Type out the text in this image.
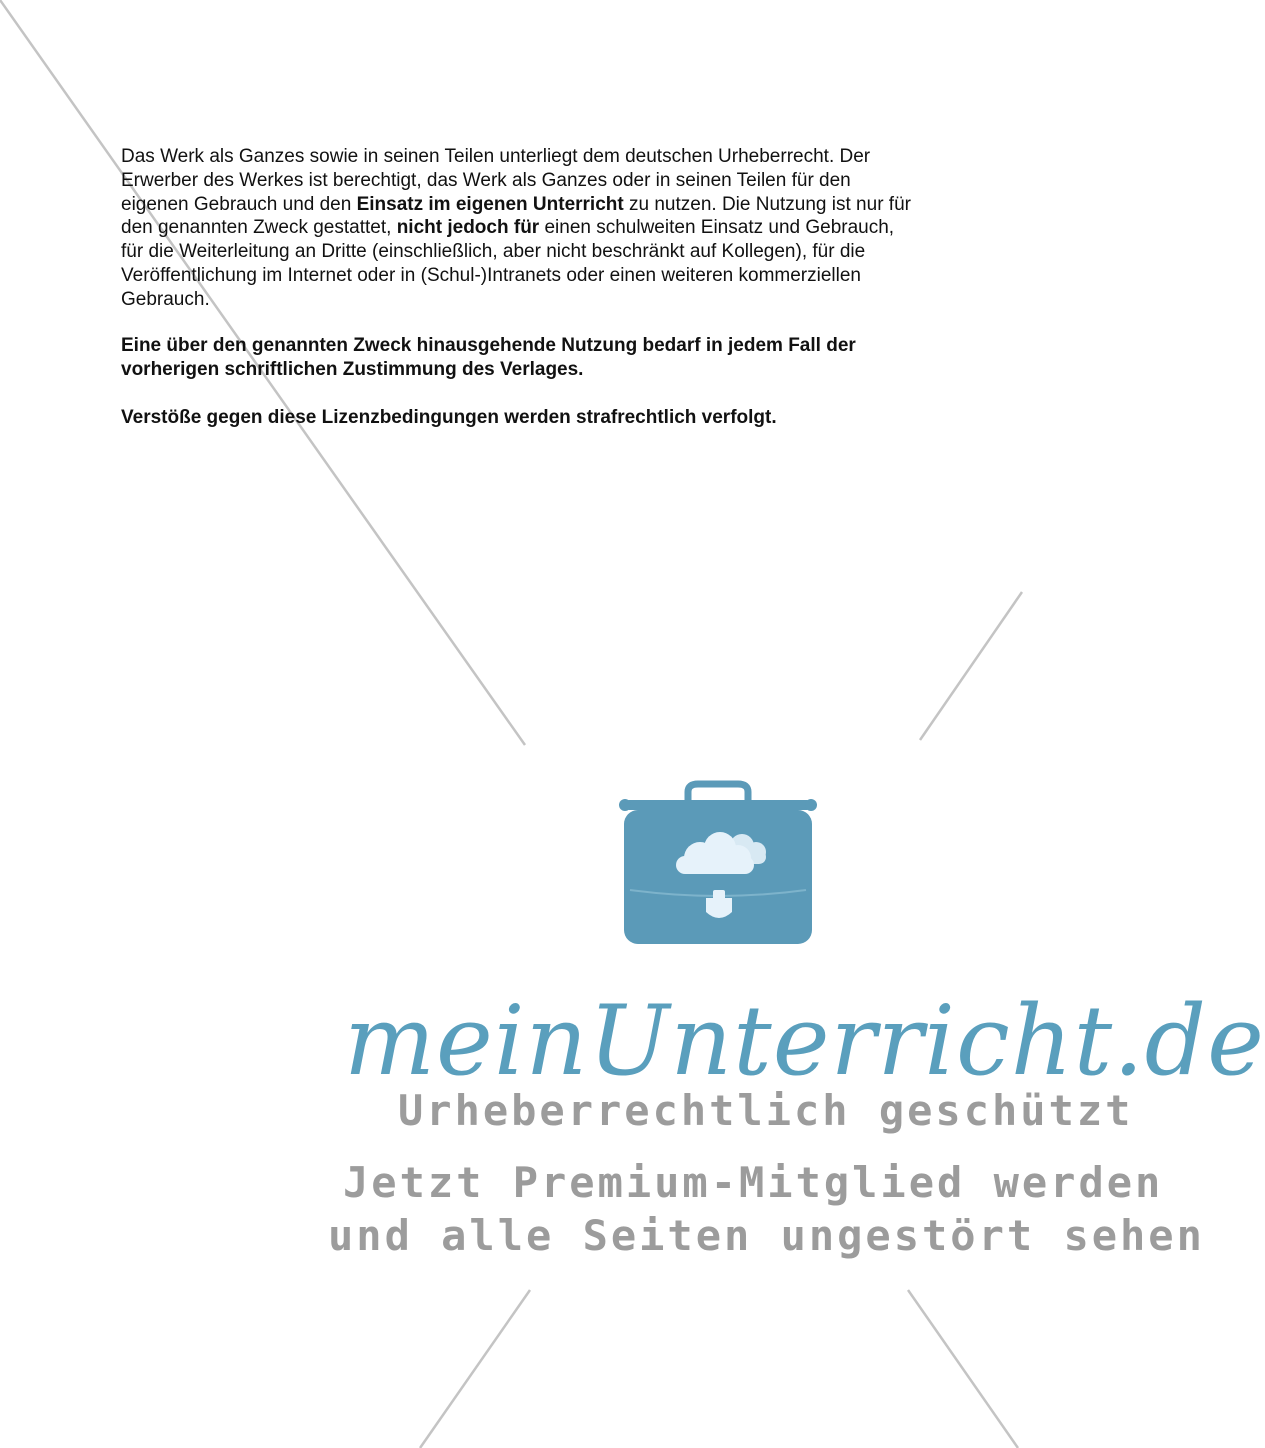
Das Werk als Ganzes sowie in seinen Teilen unterliegt dem deutschen Urheberrecht. Der Erwerber des Werkes ist berechtigt, das Werk als Ganzes oder in seinen Teilen für den eigenen Gebrauch und den Einsatz im eigenen Unterricht zu nutzen. Die Nutzung ist nur für den genannten Zweck gestattet, nicht jedoch für einen schulweiten Einsatz und Gebrauch, für die Weiterleitung an Dritte (einschließlich, aber nicht beschränkt auf Kollegen), für die Veröffentlichung im Internet oder in (Schul-)Intranets oder einen weiteren kommerziellen Gebrauch.

Eine über den genannten Zweck hinausgehende Nutzung bedarf in jedem Fall der vorherigen schriftlichen Zustimmung des Verlages.

Verstöße gegen diese Lizenzbedingungen werden strafrechtlich verfolgt.

meinUnterricht.de
Urheberrechtlich geschützt
Jetzt Premium-Mitglied werden
und alle Seiten ungestört sehen
